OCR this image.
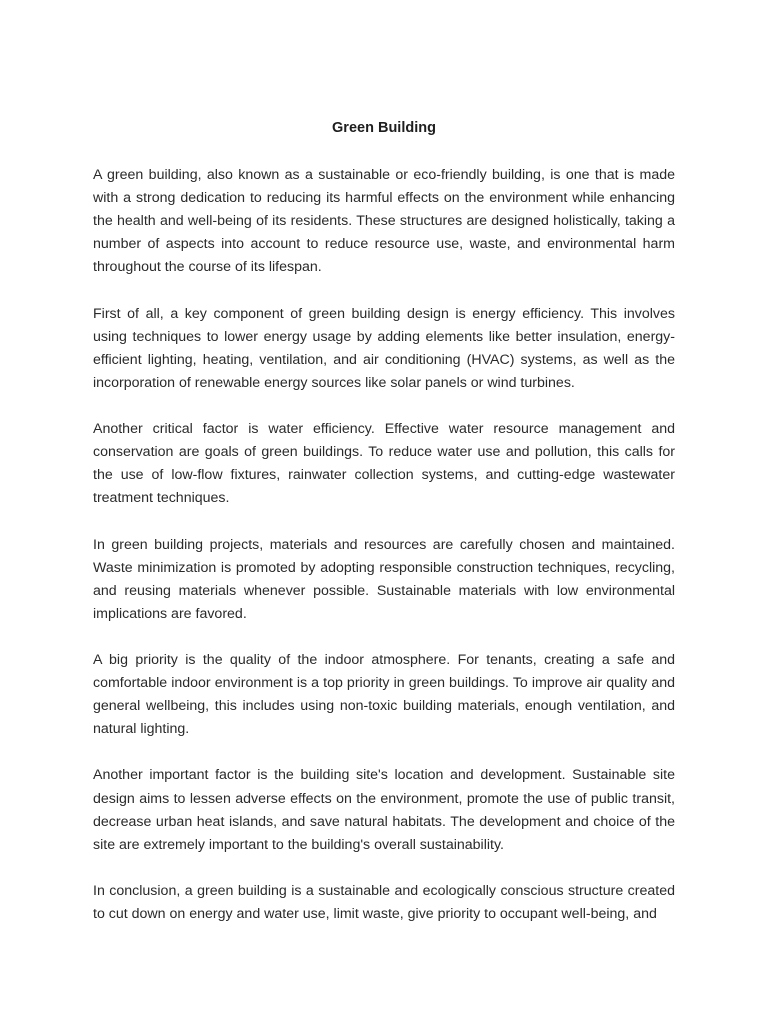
Green Building

A green building, also known as a sustainable or eco-friendly building, is one that is made with a strong dedication to reducing its harmful effects on the environment while enhancing the health and well-being of its residents. These structures are designed holistically, taking a number of aspects into account to reduce resource use, waste, and environmental harm throughout the course of its lifespan.

First of all, a key component of green building design is energy efficiency. This involves using techniques to lower energy usage by adding elements like better insulation, energy-efficient lighting, heating, ventilation, and air conditioning (HVAC) systems, as well as the incorporation of renewable energy sources like solar panels or wind turbines.

Another critical factor is water efficiency. Effective water resource management and conservation are goals of green buildings. To reduce water use and pollution, this calls for the use of low-flow fixtures, rainwater collection systems, and cutting-edge wastewater treatment techniques.

In green building projects, materials and resources are carefully chosen and maintained. Waste minimization is promoted by adopting responsible construction techniques, recycling, and reusing materials whenever possible. Sustainable materials with low environmental implications are favored.

A big priority is the quality of the indoor atmosphere. For tenants, creating a safe and comfortable indoor environment is a top priority in green buildings. To improve air quality and general wellbeing, this includes using non-toxic building materials, enough ventilation, and natural lighting.

Another important factor is the building site's location and development. Sustainable site design aims to lessen adverse effects on the environment, promote the use of public transit, decrease urban heat islands, and save natural habitats. The development and choice of the site are extremely important to the building's overall sustainability.

In conclusion, a green building is a sustainable and ecologically conscious structure created to cut down on energy and water use, limit waste, give priority to occupant well-being, and
